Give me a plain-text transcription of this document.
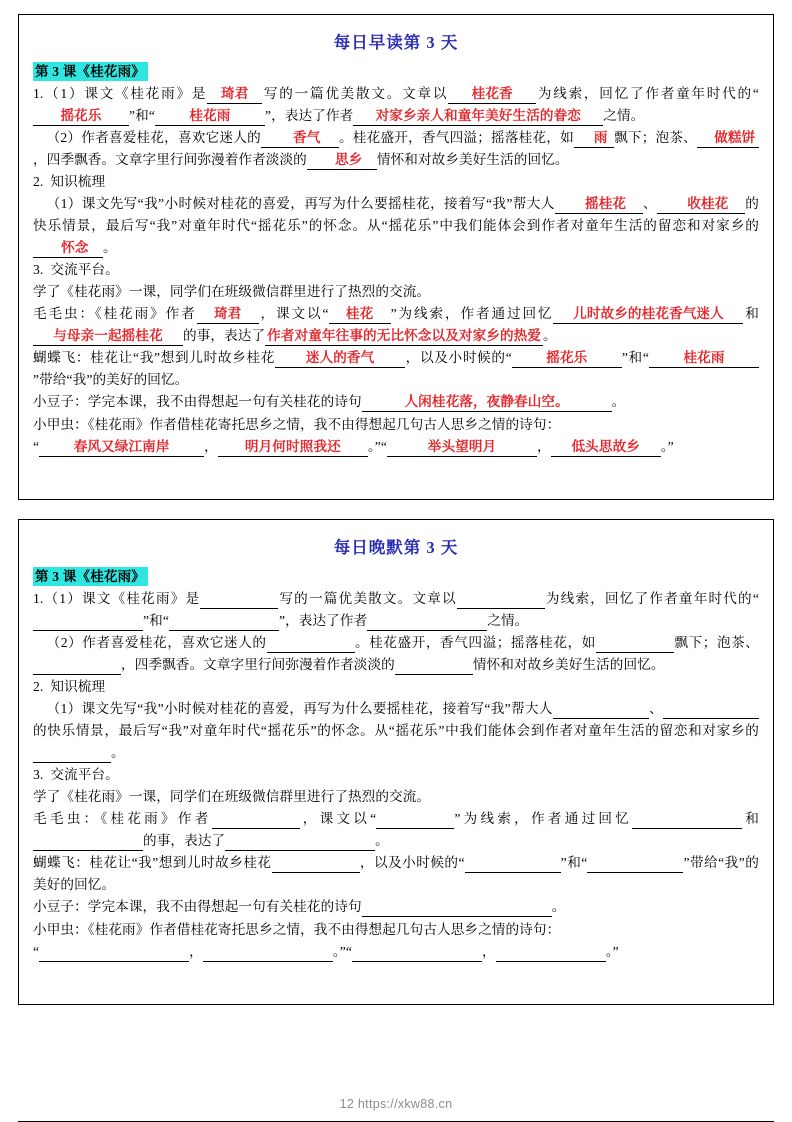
每日早读第 3 天
第 3 课《桂花雨》

1.（1）课文《桂花雨》是 琦君 写的一篇优美散文。文章以 桂花香 为线索，回忆了作者童年时代的“摇花乐 ”和“	桂花雨	”，表达了作者 对家乡亲人和童年美好生活的眷恋 之情。

（2）作者喜爱桂花，喜欢它迷人的 香气 。桂花盛开，香气四溢；摇落桂花，如 雨 飘下；泡茶、 做糕饼，四季飘香。文章字里行间弥漫着作者淡淡的 思乡 情怀和对故乡美好生活的回忆。

2. 知识梳理

（1）课文先写“我”小时候对桂花的喜爱，再写为什么要摇桂花，接着写“我”帮大人 摇桂花 、 收桂花 的快乐情景，最后写“我”对童年时代“摇花乐”的怀念。从“摇花乐”中我们能体会到作者对童年生活的留恋和对家乡的怀念 。

3. 交流平台。

学了《桂花雨》一课，同学们在班级微信群里进行了热烈的交流。

毛毛虫：《桂花雨》作者 琦君 ，课文以“ 桂花 ”为线索，作者通过回忆 儿时故乡的桂花香气迷人 和与母亲一起摇桂花 的事，表达了 作者对童年往事的无比怀念以及对家乡的热爱 。

蝴蝶飞：桂花让“我”想到儿时故乡桂花 迷人的香气 ，以及小时候的“	摇花乐	”和“	桂花雨”带给“我”的美好的回忆。

小豆子：学完本课，我不由得想起一句有关桂花的诗句	人闲桂花落，夜静春山空。	。

小甲虫：《桂花雨》作者借桂花寄托思乡之情，我不由得想起几句古人思乡之情的诗句：

“	春风又绿江南岸	， 明月何时照我还 。”“	举头望明月	， 低头思故乡 。”

每日晚默第 3 天
第 3 课《桂花雨》

1.（1）课文《桂花雨》是	写的一篇优美散文。文章以	为线索，回忆了作者童年时代的“ ”和“	”，表达了作者	之情。

（2）作者喜爱桂花，喜欢它迷人的	。桂花盛开，香气四溢；摇落桂花，如	飘下；泡茶、 ，四季飘香。文章字里行间弥漫着作者淡淡的	情怀和对故乡美好生活的回忆。

2. 知识梳理

（1）课文先写“我”小时候对桂花的喜爱，再写为什么要摇桂花，接着写“我”帮大人	、 的快乐情景，最后写“我”对童年时代“摇花乐”的怀念。从“摇花乐”中我们能体会到作者对童年生活的留恋和对家乡的 。

3. 交流平台。

学了《桂花雨》一课，同学们在班级微信群里进行了热烈的交流。

毛毛虫：《桂花雨》作者	，课文以“	”为线索，作者通过回忆	和 的事，表达了	。

蝴蝶飞：桂花让“我”想到儿时故乡桂花	，以及小时候的“	”和“	”带给“我”的美好的回忆。

小豆子：学完本课，我不由得想起一句有关桂花的诗句	。

小甲虫：《桂花雨》作者借桂花寄托思乡之情，我不由得想起几句古人思乡之情的诗句：

“	，	。”“	，	。”

12 https://xkw88.cn
